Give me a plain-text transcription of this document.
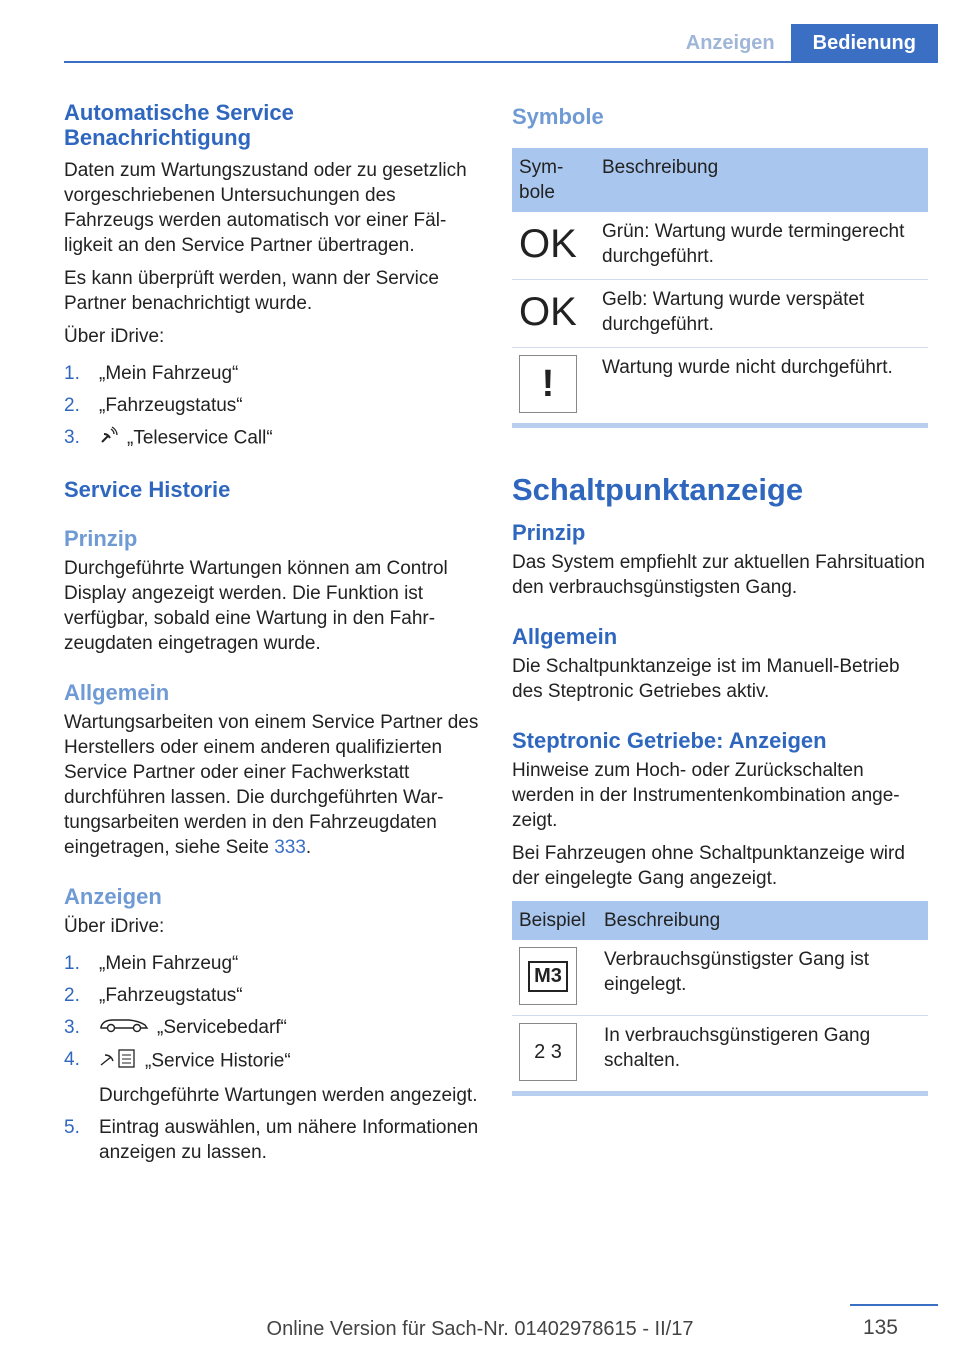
Anzeigen	Bedienung
Automatische Service Benachrichtigung

Daten zum Wartungszustand oder zu gesetzlich vorgeschriebenen Untersuchungen des Fahrzeugs werden automatisch vor einer Fälligkeit an den Service Partner übertragen.

Es kann überprüft werden, wann der Service Partner benachrichtigt wurde.

Über iDrive:

1. „Mein Fahrzeug“
2. „Fahrzeugstatus“
3. „Teleservice Call“
Service Historie
Prinzip

Durchgeführte Wartungen können am Control Display angezeigt werden. Die Funktion ist verfügbar, sobald eine Wartung in den Fahrzeugdaten eingetragen wurde.

Allgemein

Wartungsarbeiten von einem Service Partner des Herstellers oder einem anderen qualifizierten Service Partner oder einer Fachwerkstatt durchführen lassen. Die durchgeführten Wartungsarbeiten werden in den Fahrzeugdaten eingetragen, siehe Seite 333.

Anzeigen

Über iDrive:

1. „Mein Fahrzeug“
2. „Fahrzeugstatus“
3.	„Servicebedarf“
4.	„Service Historie“
Durchgeführte Wartungen werden angezeigt.
5. Eintrag auswählen, um nähere Informationen anzeigen zu lassen.
Symbole
Symbole	Beschreibung

OK	Grün: Wartung wurde termingerecht durchgeführt.

OK	Gelb: Wartung wurde verspätet durchgeführt.

!	Wartung wurde nicht durchgeführt.
Schaltpunktanzeige
Prinzip

Das System empfiehlt zur aktuellen Fahrsituation den verbrauchsgünstigsten Gang.

Allgemein

Die Schaltpunktanzeige ist im Manuell-Betrieb des Steptronic Getriebes aktiv.

Steptronic Getriebe: Anzeigen

Hinweise zum Hoch- oder Zurückschalten werden in der Instrumentenkombination angezeigt.

Bei Fahrzeugen ohne Schaltpunktanzeige wird der eingelegte Gang angezeigt.

Beispiel	Beschreibung

M3	Verbrauchsgünstigster Gang ist eingelegt.

2 3	In verbrauchsgünstigeren Gang schalten.
135
Online Version für Sach-Nr. 01402978615 - II/17
